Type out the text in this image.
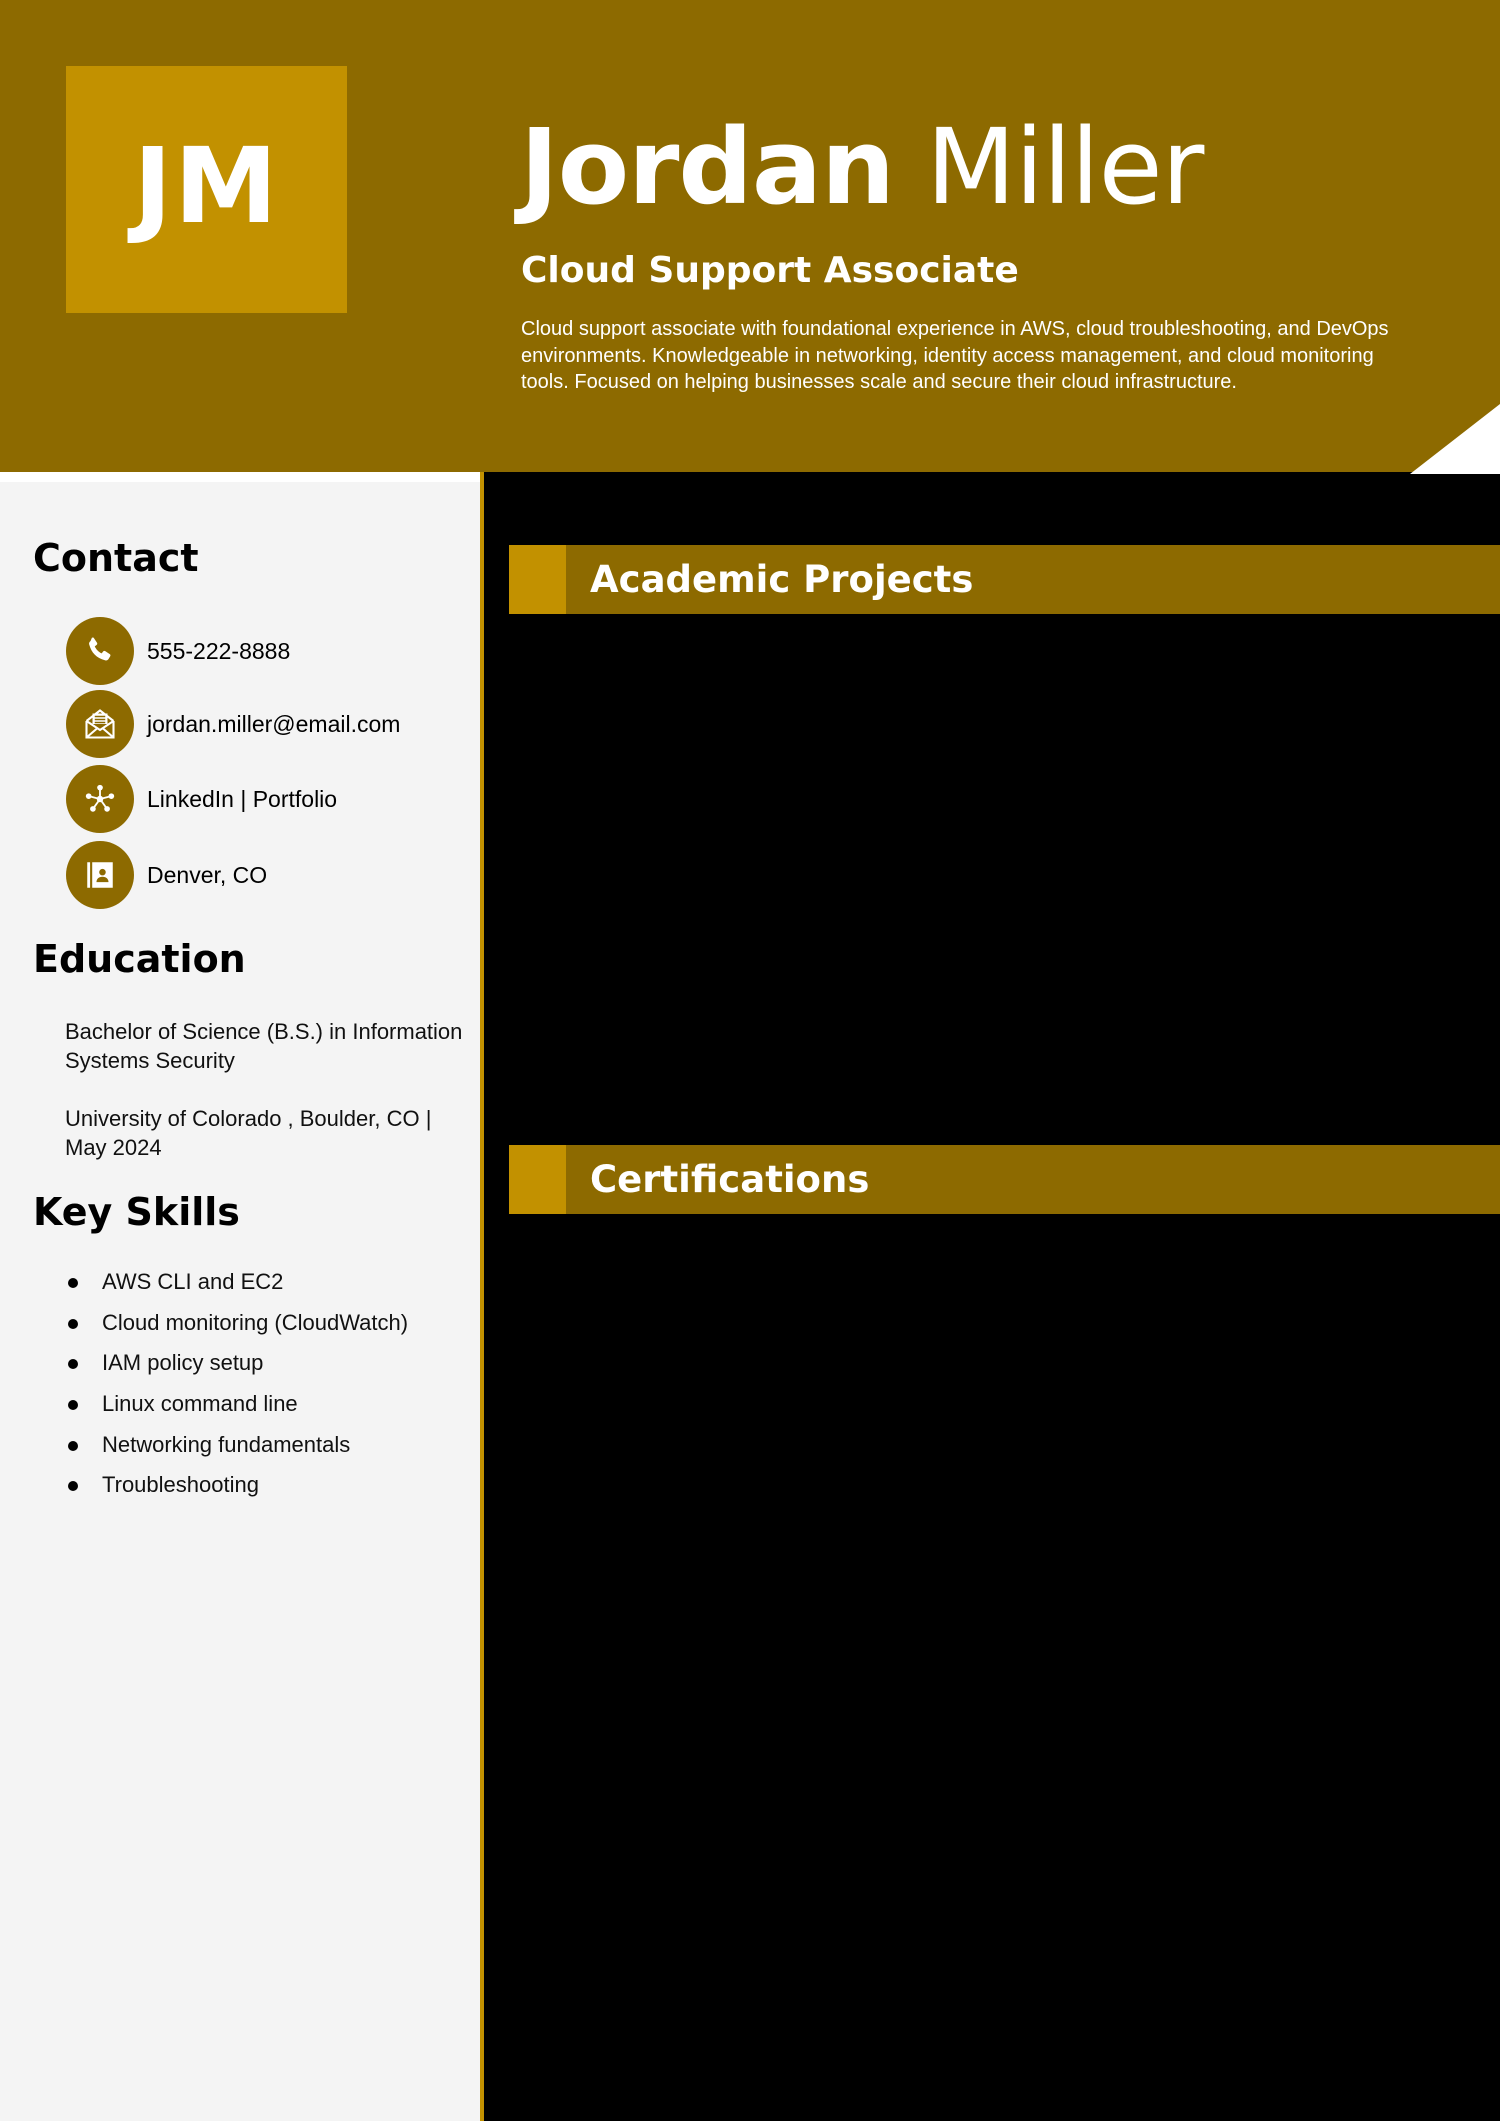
JM Jordan Miller
Cloud Support Associate
Cloud support associate with foundational experience in AWS, cloud troubleshooting, and DevOps environments. Knowledgeable in networking, identity access management, and cloud monitoring tools. Focused on helping businesses scale and secure their cloud infrastructure.
Contact
555-222-8888
jordan.miller@email.com
LinkedIn | Portfolio
Denver, CO
Education
Bachelor of Science (B.S.) in Information Systems Security
University of Colorado , Boulder, CO | May 2024
Key Skills
AWS CLI and EC2
Cloud monitoring (CloudWatch)
IAM policy setup
Linux command line
Networking fundamentals
Troubleshooting
Academic Projects
Certifications
